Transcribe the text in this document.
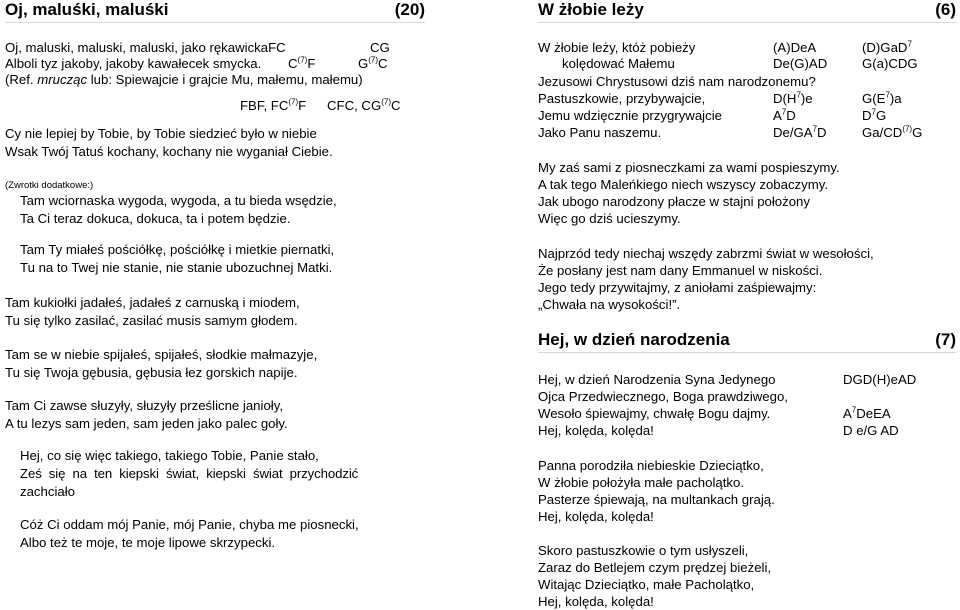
Oj, maluśki, maluśki	(20)
Oj, maluski, maluski, maluski, jako rękawickaFC	CG
Alboli tyz jakoby, jakoby kawałecek smycka. $C^{(7)}F$	$G^{(7)}C$
(Ref. mrucząc lub: Spiewajcie i grajcie Mu, małemu, małemu)
FBF, FC$^{(7)}$F CFC, CG$^{(7)}$C
Cy nie lepiej by Tobie, by Tobie siedzieć było w niebie
Wsak Twój Tatuś kochany, kochany nie wyganiał Ciebie.
(Zwrotki dodatkowe:)
Tam wciornaska wygoda, wygoda, a tu bieda wsędzie,
Ta Ci teraz dokuca, dokuca, ta i potem będzie.
Tam Ty miałeś pościółkę, pościółkę i mietkie piernatki,
Tu na to Twej nie stanie, nie stanie ubozuchnej Matki.
Tam kukiołki jadałeś, jadałeś z carnuską i miodem,
Tu się tylko zasilać, zasilać musis samym głodem.
Tam se w niebie spijałeś, spijałeś, słodkie małmazyje,
Tu się Twoja gębusia, gębusia łez gorskich napije.
Tam Ci zawse słuzyły, słuzyły prześlicne janioły,
A tu lezys sam jeden, sam jeden jako palec goły.
Hej, co się więc takiego, takiego Tobie, Panie stało,
Ześ  się  na  ten  kiepski  świat,  kiepski  świat  przychodzić
zachciało
Cóż Ci oddam mój Panie, mój Panie, chyba me piosnecki,
Albo też te moje, te moje lipowe skrzypecki.
W żłobie leży	(6)
W żłobie leży, któż pobieży	(A)DeA	(D)GaD$^7$
kolędować Małemu	De(G)AD	G(a)CDG
Jezusowi Chrystusowi dziś nam narodzonemu?
Pastuszkowie, przybywajcie,	$D(H^7)e$	$G(E^7)a$
Jemu wdzięcznie przygrywajcie	$A^7D$	$D^7G$
Jako Panu naszemu.	$De/GA^7D$	Ga/CD$^{(7)}$G
My zaś sami z piosneczkami za wami pospieszymy.
A tak tego Maleńkiego niech wszyscy zobaczymy.
Jak ubogo narodzony płacze w stajni położony
Więc go dziś ucieszymy.
Najprzód tedy niechaj wszędy zabrzmi świat w wesołości,
Że posłany jest nam dany Emmanuel w niskości.
Jego tedy przywitajmy, z aniołami zaśpiewajmy:
„Chwała na wysokości!”.
Hej, w dzień narodzenia	(7)
Hej, w dzień Narodzenia Syna Jedynego	DGD(H)eAD
Ojca Przedwiecznego, Boga prawdziwego,
Wesoło śpiewajmy, chwałę Bogu dajmy.	$A^7DeEA$
Hej, kolęda, kolęda!	D e/G AD
Panna porodziła niebieskie Dzieciątko,
W żłobie położyła małe pacholątko.
Pasterze śpiewają, na multankach grają.
Hej, kolęda, kolęda!
Skoro pastuszkowie o tym usłyszeli,
Zaraz do Betlejem czym prędzej bieżeli,
Witając Dzieciątko, małe Pacholątko,
Hej, kolęda, kolęda!
